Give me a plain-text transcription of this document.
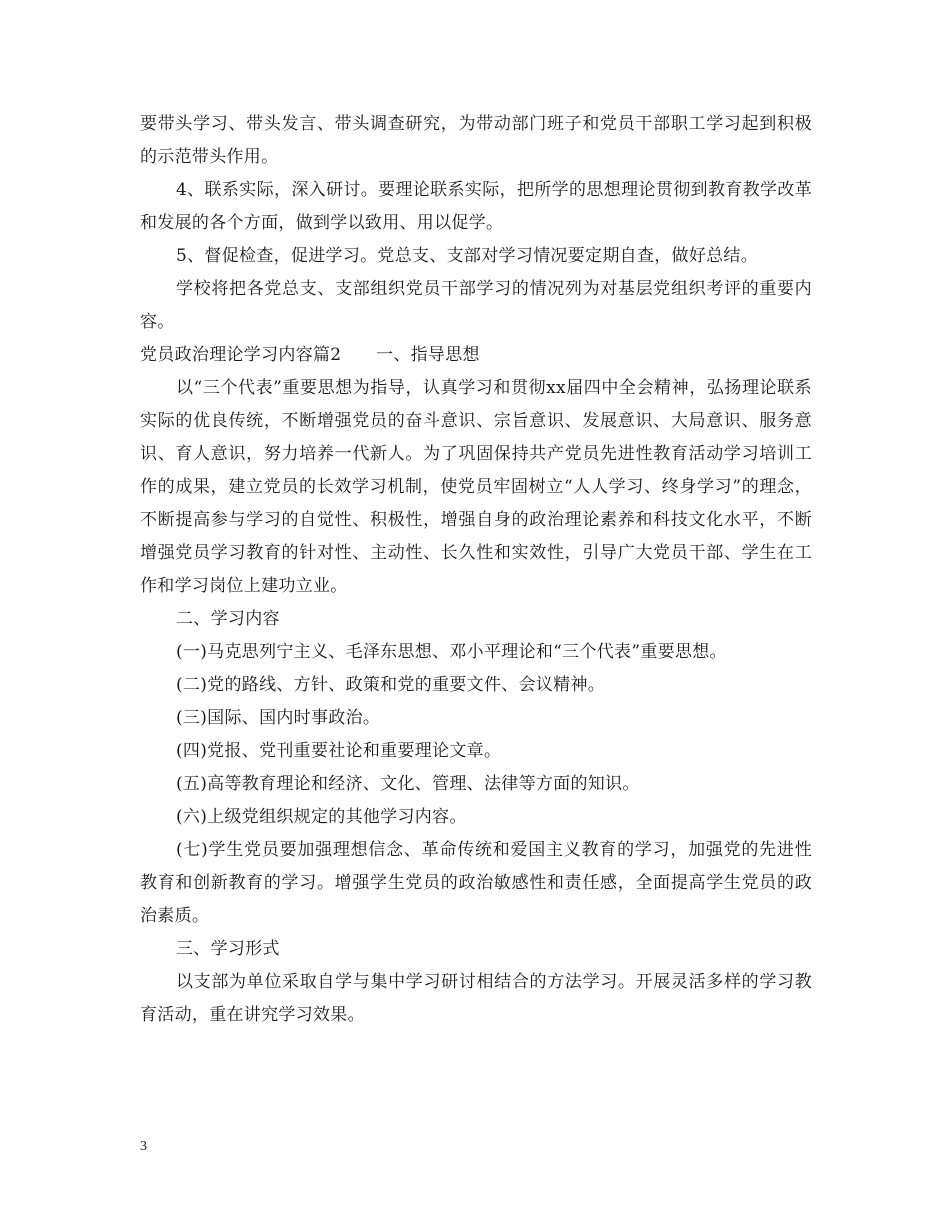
要带头学习、带头发言、带头调查研究，为带动部门班子和党员干部职工学习起到积极的示范带头作用。

4、联系实际，深入研讨。要理论联系实际，把所学的思想理论贯彻到教育教学改革和发展的各个方面，做到学以致用、用以促学。

5、督促检查，促进学习。党总支、支部对学习情况要定期自查，做好总结。

学校将把各党总支、支部组织党员干部学习的情况列为对基层党组织考评的重要内容。

党员政治理论学习内容篇2　　一、指导思想

以“三个代表”重要思想为指导，认真学习和贯彻xx届四中全会精神，弘扬理论联系实际的优良传统，不断增强党员的奋斗意识、宗旨意识、发展意识、大局意识、服务意识、育人意识，努力培养一代新人。为了巩固保持共产党员先进性教育活动学习培训工作的成果，建立党员的长效学习机制，使党员牢固树立“人人学习、终身学习”的理念，不断提高参与学习的自觉性、积极性，增强自身的政治理论素养和科技文化水平，不断增强党员学习教育的针对性、主动性、长久性和实效性，引导广大党员干部、学生在工作和学习岗位上建功立业。

二、学习内容

(一)马克思列宁主义、毛泽东思想、邓小平理论和“三个代表”重要思想。

(二)党的路线、方针、政策和党的重要文件、会议精神。

(三)国际、国内时事政治。

(四)党报、党刊重要社论和重要理论文章。

(五)高等教育理论和经济、文化、管理、法律等方面的知识。

(六)上级党组织规定的其他学习内容。

(七)学生党员要加强理想信念、革命传统和爱国主义教育的学习，加强党的先进性教育和创新教育的学习。增强学生党员的政治敏感性和责任感，全面提高学生党员的政治素质。

三、学习形式

以支部为单位采取自学与集中学习研讨相结合的方法学习。开展灵活多样的学习教育活动，重在讲究学习效果。

3
